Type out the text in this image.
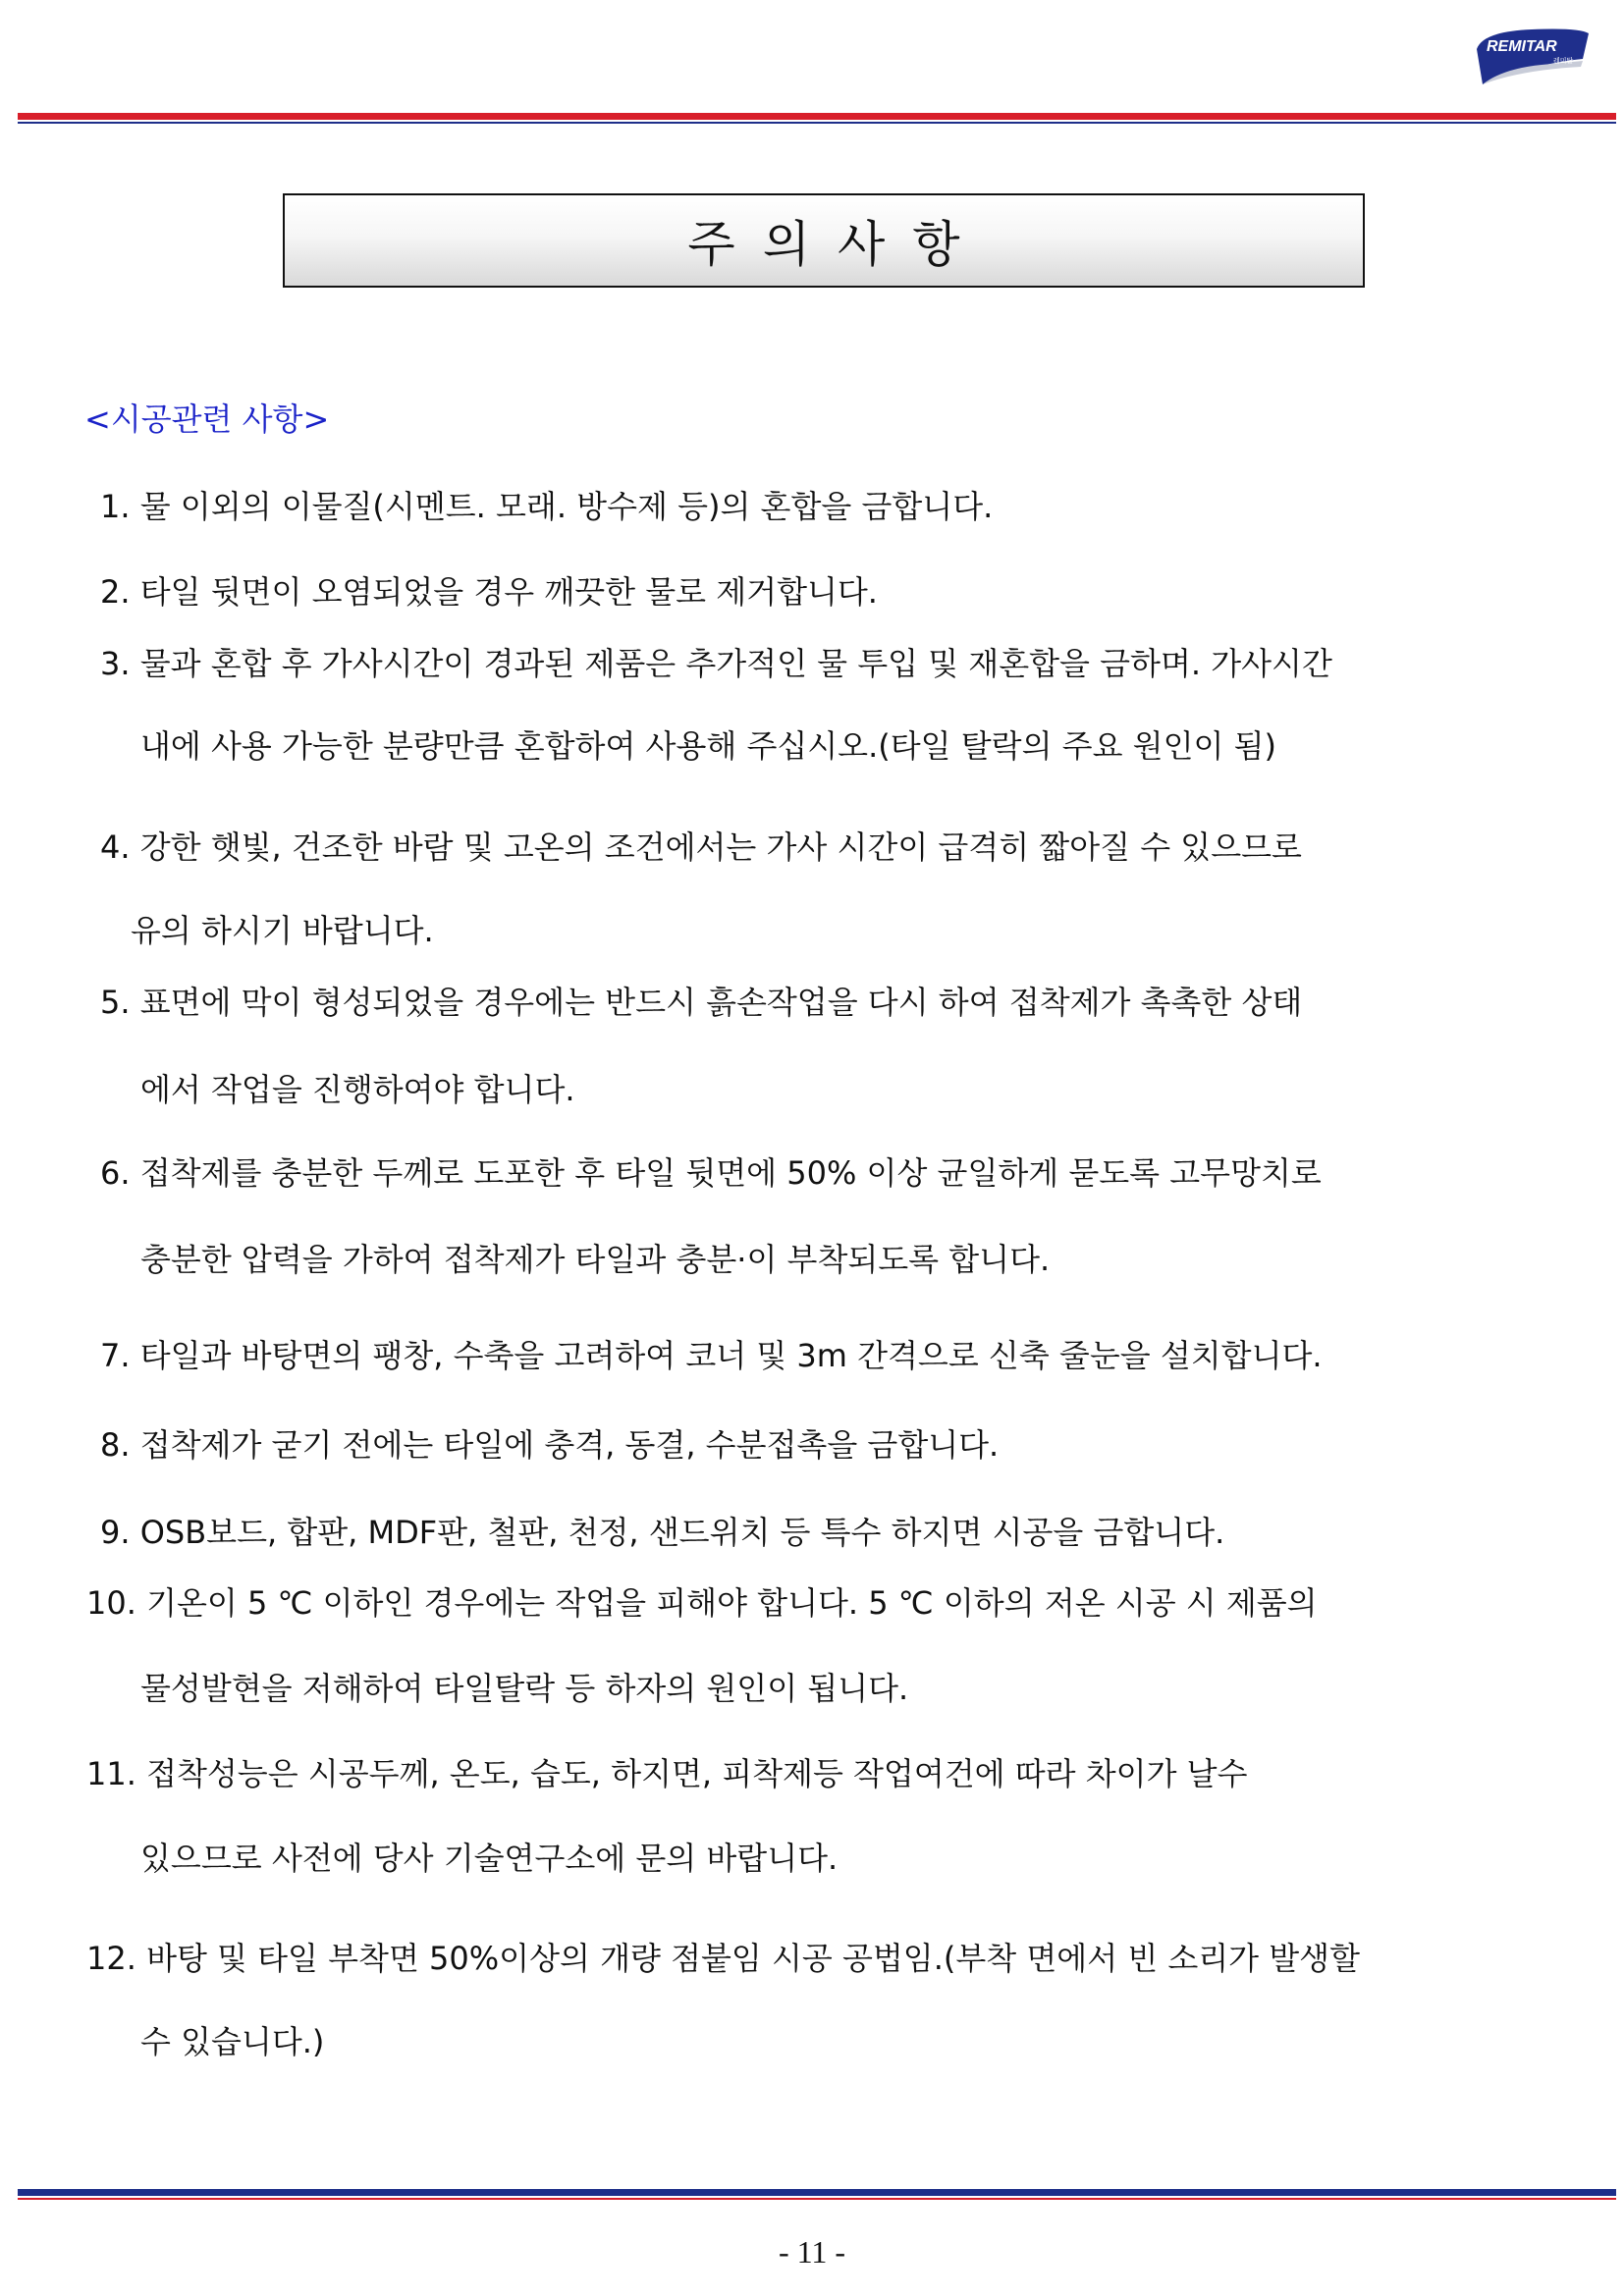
REMITAR
레미탈
주의사항
<시공관련 사항>
1. 물 이외의 이물질(시멘트. 모래. 방수제 등)의 혼합을 금합니다.
2. 타일 뒷면이 오염되었을 경우 깨끗한 물로 제거합니다.
3. 물과 혼합 후 가사시간이 경과된 제품은 추가적인 물 투입 및 재혼합을 금하며. 가사시간
내에 사용 가능한 분량만큼 혼합하여 사용해 주십시오.(타일 탈락의 주요 원인이 됨)
4. 강한 햇빛, 건조한 바람 및 고온의 조건에서는 가사 시간이 급격히 짧아질 수 있으므로
유의 하시기 바랍니다.
5. 표면에 막이 형성되었을 경우에는 반드시 흙손작업을 다시 하여 접착제가 촉촉한 상태
에서 작업을 진행하여야 합니다.
6. 접착제를 충분한 두께로 도포한 후 타일 뒷면에 50% 이상 균일하게 묻도록 고무망치로
충분한 압력을 가하여 접착제가 타일과 충분·이 부착되도록 합니다.
7. 타일과 바탕면의 팽창, 수축을 고려하여 코너 및 3m 간격으로 신축 줄눈을 설치합니다.
8. 접착제가 굳기 전에는 타일에 충격, 동결, 수분접촉을 금합니다.
9. OSB보드, 합판, MDF판, 철판, 천정, 샌드위치 등 특수 하지면 시공을 금합니다.
10. 기온이 5 ℃ 이하인 경우에는 작업을 피해야 합니다. 5 ℃ 이하의 저온 시공 시 제품의
물성발현을 저해하여 타일탈락 등 하자의 원인이 됩니다.
11. 접착성능은 시공두께, 온도, 습도, 하지면, 피착제등 작업여건에 따라 차이가 날수
있으므로 사전에 당사 기술연구소에 문의 바랍니다.
12. 바탕 및 타일 부착면 50%이상의 개량 점붙임 시공 공법임.(부착 면에서 빈 소리가 발생할
수 있습니다.)
- 11 -
